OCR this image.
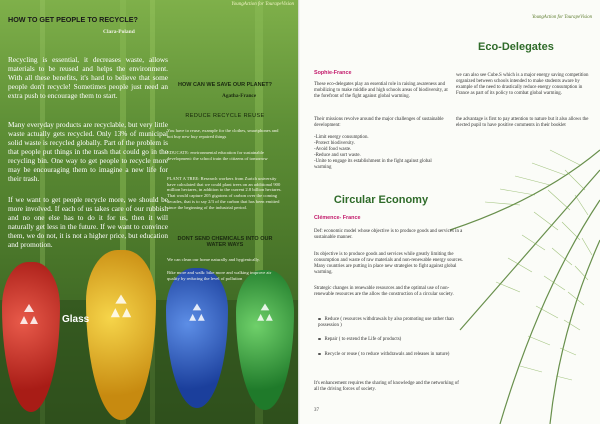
Glass
YoungAction for TourapeVision
HOW TO GET PEOPLE TO RECYCLE?
Clara-Poland
Recycling is essential, it decreases waste, allows materials to be reused and helps the environment. With all these benefits, it's hard to believe that some people don't recycle! Sometimes people just need an extra push to encourage them to start.
Many everyday products are recyclable, but very little waste actually gets recycled. Only 13% of municipal solid waste is recycled globally. Part of the problem is that people put things in the trash that could go in the recycling bin. One way to get people to recycle more may be encouraging them to imagine a new life for their trash.
If we want to get people recycle more, we should be more involved. If each of us takes care of our rubbish and no one else has to do it for us, then it will naturally get less in the future. If we want to convince them, we do not, it is not a higher price, but education and promotion.
HOW CAN WE SAVE OUR PLANET?
Agatha-France
REDUCE RECYCLE REUSE
You have to reuse, example for the clothes, smartphones and not buy new buy repaired things
EDUCATE: environmental education for sustainable development: the school train the citizens of tomorrow
PLANT A TREE: Research workers from Zurich university have calculated that we could plant trees on an additional 900 million hectares, in addition to the current 2.8 billion hectares. That would capture 205 gigatons of carbon over the coming decades, that is to say 2/3 of the carbon that has been emitted since the beginning of the industrial period.
DONT SEND CHEMICALS INTO OUR WATER WAYS
We can clean our home naturally and hygienically.
Bike more and walk: bike more and walking improve air quality by reducing the level of pollution
YoungAction for TourapeVision
Eco-Delegates
Sophie-France
These eco-delegates play an essential role in raising awareness and mobilizing to make middle and high schools areas of biodiversity, at the forefront of the fight against global warming.
Their missions revolve around the major challenges of sustainable development:
-Limit energy consumption.
-Protect biodiversity.
-Avoid food waste.
-Reduce and sort waste.
-Unite to engage its establishment in the fight against global warming
we can also see Cube.S which is a major energy saving competition organized between schools intended to make students aware by example of the need to drastically reduce energy consumption in France as part of its policy to combat global warming.
the advantage is first to pay attention to nature but it also allows the elected pupil to have positive comments in their booklet
Circular Economy
Clémence- France
Def: economic model whose objective is to produce goods and services in a sustainable manner.
Its objective is to produce goods and services while greatly limiting the consumption and waste of raw materials and non-renewable energy sources. Many countries are putting in place new strategies to fight against global warming.
Strategic changes in renewable resources and the optimal use of non-renewable resources are the allow the construction of a circular society.
Reduce ( resources withdrawals by also promoting use rather than possession )
Repair ( to extend the Life of products)
Recycle or reuse ( to reduce withdrawals and releases in nature)
It's enhancement requires the sharing of knowledge and the networking of all the driving forces of society.
37
